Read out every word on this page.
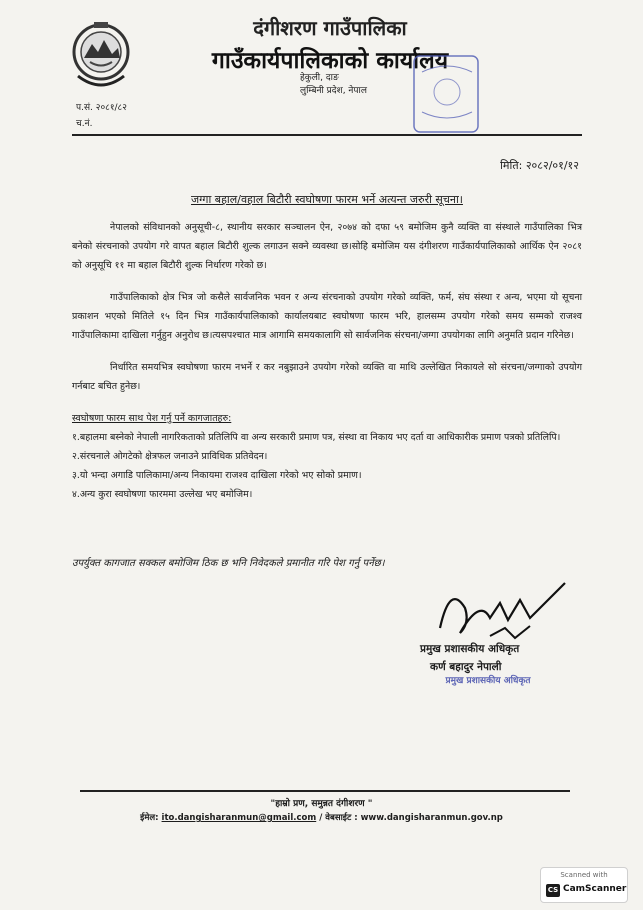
दंगीशरण गाउँपालिका
गाउँकार्यपालिकाको कार्यालय
हेकुली, दाङ
लुम्बिनी प्रदेश, नेपाल
प.सं. २०८१/८२
च.नं.
मिति: २०८२/०१/१२
जग्गा बहाल/वहाल बिटौरी स्वघोषणा फारम भर्ने अत्यन्त जरुरी सूचना।

नेपालको संविधानको अनुसूची-८, स्थानीय सरकार सञ्चालन ऐन, २०७४ को दफा ५९ बमोजिम कुनै व्यक्ति वा संस्थाले गाउँपालिका भित्र बनेको संरचनाको उपयोग गरे वापत बहाल बिटौरी शुल्क लगाउन सक्ने व्यवस्था छ।सोहि बमोजिम यस दंगीशरण गाउँकार्यपालिकाको आर्थिक ऐन २०८१ को अनुसूचि ११ मा बहाल बिटौरी शुल्क निर्धारण गरेको छ।

गाउँपालिकाको क्षेत्र भित्र जो कसैले सार्वजनिक भवन र अन्य संरचनाको उपयोग गरेको व्यक्ति, फर्म, संघ संस्था र अन्य, भएमा यो सूचना प्रकाशन भएको मितिले १५ दिन भित्र गाउँकार्यपालिकाको कार्यालयबाट स्वघोषणा फारम भरि, हालसम्म उपयोग गरेको समय सम्मको राजश्व गाउँपालिकामा दाखिला गर्नुहुन अनुरोध छ।त्यसपश्चात मात्र आगामि समयकालागि सो सार्वजनिक संरचना/जग्गा उपयोगका लागि अनुमति प्रदान गरिनेछ।

निर्धारित समयभित्र स्वघोषणा फारम नभर्ने र कर नबुझाउने उपयोग गरेको व्यक्ति वा माथि उल्लेखित निकायले सो संरचना/जग्गाको उपयोग गर्नबाट बचित हुनेछ।

स्वघोषणा फारम साथ पेश गर्नु पर्ने कागजातहरु:
१.बहालमा बस्नेको नेपाली नागरिकताको प्रतिलिपि वा अन्य सरकारी प्रमाण पत्र, संस्था वा निकाय भए दर्ता वा आधिकारीक प्रमाण पत्रको प्रतिलिपि।
२.संरचनाले ओगटेको क्षेत्रफल जनाउने प्राविधिक प्रतिवेदन।
३.यो भन्दा अगाडि पालिकामा/अन्य निकायमा राजश्व दाखिला गरेको भए सोको प्रमाण।
४.अन्य कुरा स्वघोषणा फारममा उल्लेख भए बमोजिम।
उपर्युक्त कागजात सक्कल बमोजिम ठिक छ भनि निवेदकले प्रमानीत गरि पेश गर्नु पर्नेछ।
प्रमुख प्रशासकीय अधिकृत
कर्ण बहादुर नेपाली
प्रमुख प्रशासकीय अधिकृत
"हाम्रो प्रण, समुन्नत दंगीशरण "
ईमेल: ito.dangisharanmun@gmail.com / वेबसाईट : www.dangisharanmun.gov.np
Scanned with
CS CamScanner
